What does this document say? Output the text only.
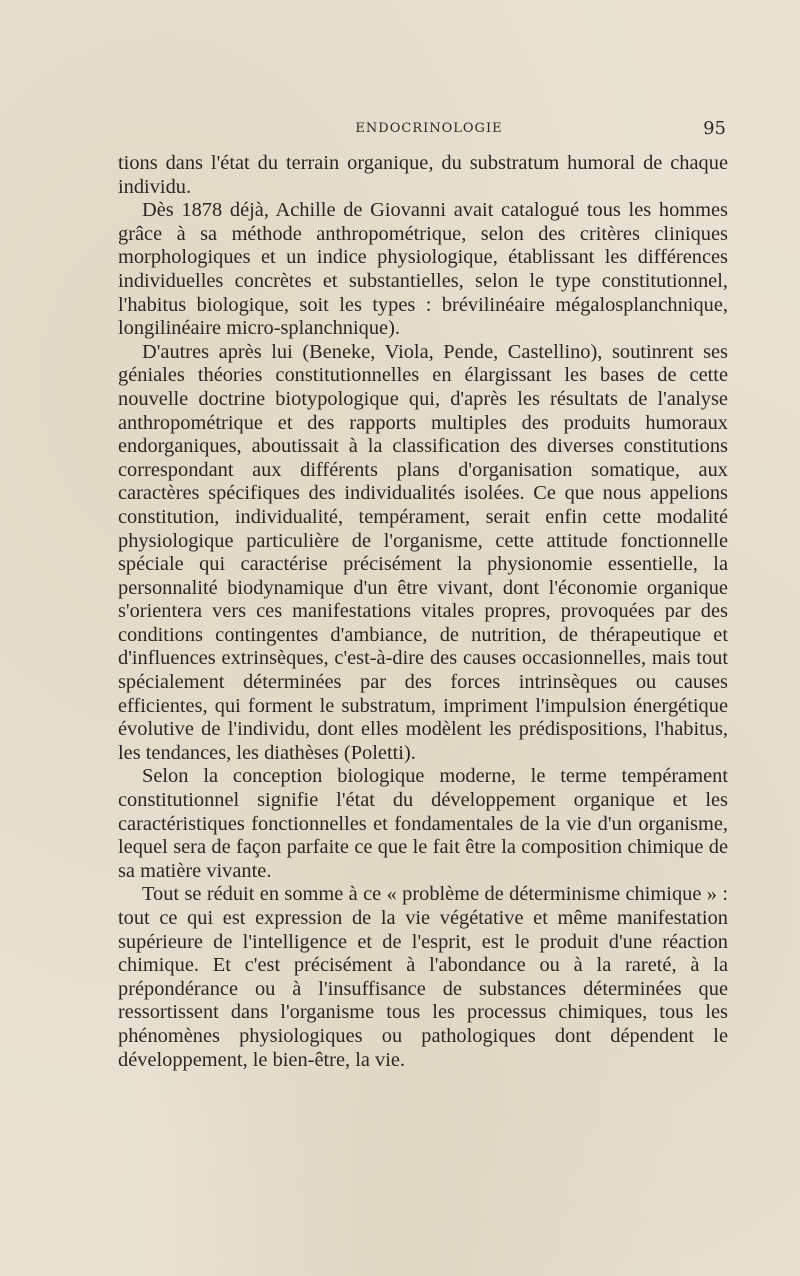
ENDOCRINOLOGIE	95

tions dans l'état du terrain organique, du substratum humoral de chaque individu.

Dès 1878 déjà, Achille de Giovanni avait catalogué tous les hommes grâce à sa méthode anthropométrique, selon des critères cliniques morphologiques et un indice physiologique, établissant les différences individuelles concrètes et substantielles, selon le type constitutionnel, l'habitus biologique, soit les types : brévilinéaire mégalosplanchnique, longilinéaire micro-splanchnique).

D'autres après lui (Beneke, Viola, Pende, Castellino), soutinrent ses géniales théories constitutionnelles en élargissant les bases de cette nouvelle doctrine biotypologique qui, d'après les résultats de l'analyse anthropométrique et des rapports multiples des produits humoraux endorganiques, aboutissait à la classification des diverses constitutions correspondant aux différents plans d'organisation somatique, aux caractères spécifiques des individualités isolées. Ce que nous appelions constitution, individualité, tempérament, serait enfin cette modalité physiologique particulière de l'organisme, cette attitude fonctionnelle spéciale qui caractérise précisément la physionomie essentielle, la personnalité biodynamique d'un être vivant, dont l'économie organique s'orientera vers ces manifestations vitales propres, provoquées par des conditions contingentes d'ambiance, de nutrition, de thérapeutique et d'influences extrinsèques, c'est-à-dire des causes occasionnelles, mais tout spécialement déterminées par des forces intrinsèques ou causes efficientes, qui forment le substratum, impriment l'impulsion énergétique évolutive de l'individu, dont elles modèlent les prédispositions, l'habitus, les tendances, les diathèses (Poletti).

Selon la conception biologique moderne, le terme tempérament constitutionnel signifie l'état du développement organique et les caractéristiques fonctionnelles et fondamentales de la vie d'un organisme, lequel sera de façon parfaite ce que le fait être la composition chimique de sa matière vivante.

Tout se réduit en somme à ce « problème de déterminisme chimique » : tout ce qui est expression de la vie végétative et même manifestation supérieure de l'intelligence et de l'esprit, est le produit d'une réaction chimique. Et c'est précisément à l'abondance ou à la rareté, à la prépondérance ou à l'insuffisance de substances déterminées que ressortissent dans l'organisme tous les processus chimiques, tous les phénomènes physiologiques ou pathologiques dont dépendent le développement, le bien-être, la vie.
